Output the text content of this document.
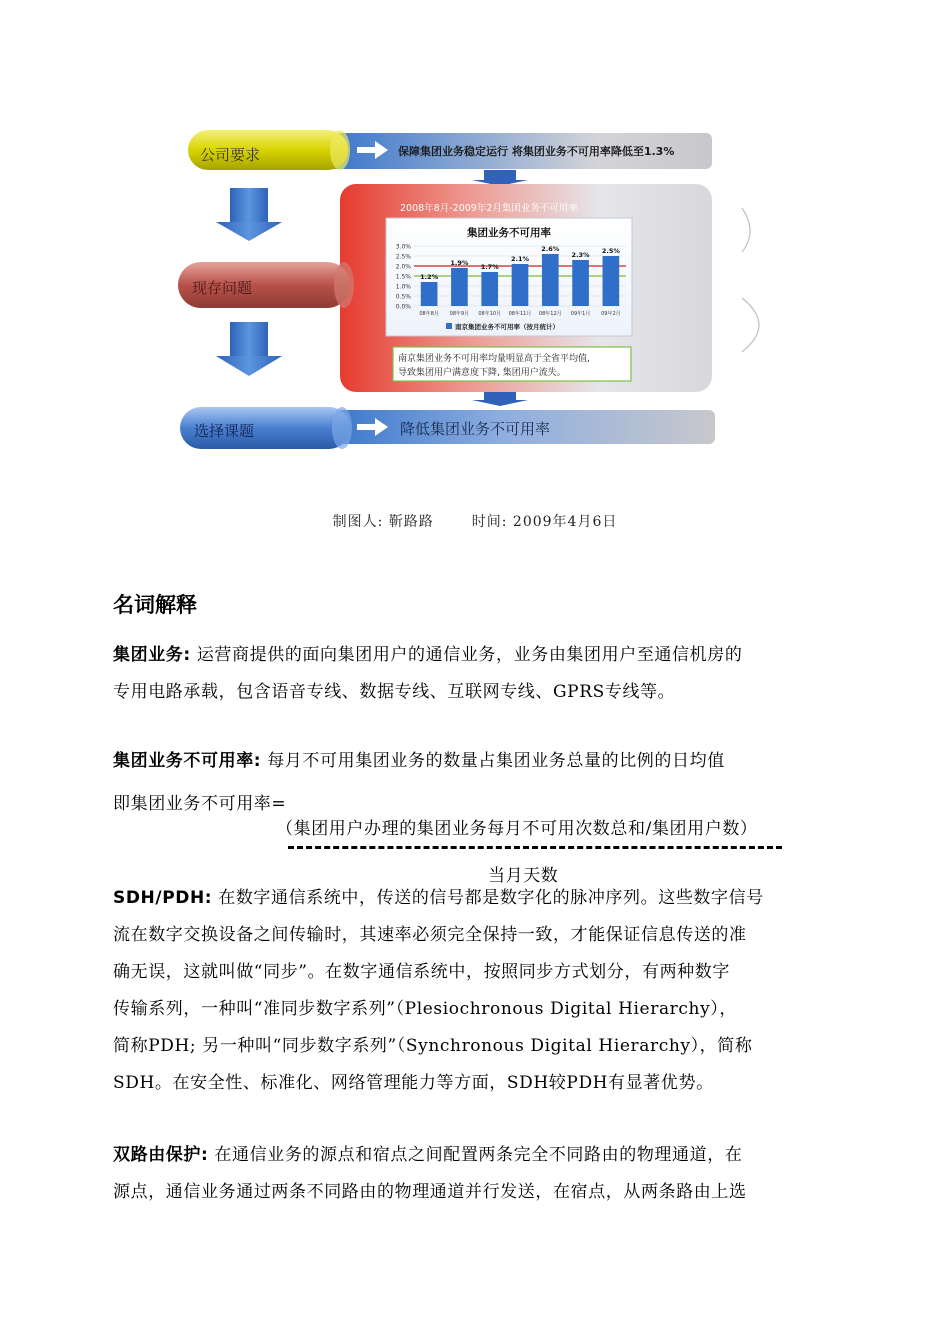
保障集团业务稳定运行 将集团业务不可用率降低至1.3%
公司要求
2008年8月-2009年2月集团业务不可用率
集团业务不可用率
3.0%
2.5%
2.0%
1.5%
1.0%
0.5%
0.0%
1.2%
1.9% 1.7%
2.1%
2.6%
2.3% 2.5%
08年8月 08年9月 08年10月 08年11月 08年12月 09年1月 09年2月
南京集团业务不可用率（按月统计）
南京集团业务不可用率均量明显高于全省平均值,
导致集团用户满意度下降, 集团用户流失。
现存问题
降低集团业务不可用率
选择课题
制图人: 靳路路	时间: 2009年4月6日
名词解释
集团业务: 运营商提供的面向集团用户的通信业务，业务由集团用户至通信机房的
专用电路承载，包含语音专线、数据专线、互联网专线、GPRS专线等。
集团业务不可用率: 每月不可用集团业务的数量占集团业务总量的比例的日均值
即集团业务不可用率=
（集团用户办理的集团业务每月不可用次数总和/集团用户数）
当月天数
SDH/PDH: 在数字通信系统中，传送的信号都是数字化的脉冲序列。这些数字信号
流在数字交换设备之间传输时，其速率必须完全保持一致，才能保证信息传送的准
确无误，这就叫做“同步”。在数字通信系统中，按照同步方式划分，有两种数字
传输系列，一种叫“准同步数字系列”（Plesiochronous Digital Hierarchy），
简称PDH; 另一种叫“同步数字系列”（Synchronous Digital Hierarchy），简称
SDH。在安全性、标准化、网络管理能力等方面，SDH较PDH有显著优势。
双路由保护: 在通信业务的源点和宿点之间配置两条完全不同路由的物理通道，在
源点，通信业务通过两条不同路由的物理通道并行发送，在宿点，从两条路由上选
